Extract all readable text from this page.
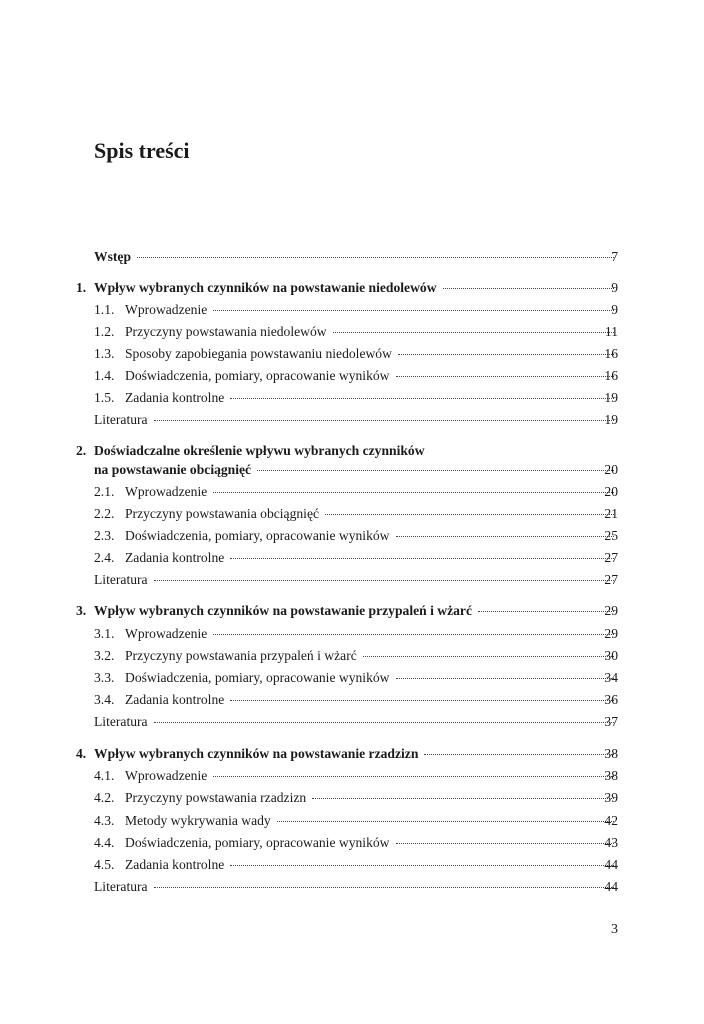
Spis treści
Wstęp	7
1. Wpływ wybranych czynników na powstawanie niedolewów	9
1.1. Wprowadzenie	9
1.2. Przyczyny powstawania niedolewów	11
1.3. Sposoby zapobiegania powstawaniu niedolewów	16
1.4. Doświadczenia, pomiary, opracowanie wyników	16
1.5. Zadania kontrolne	19
Literatura	19
2. Doświadczalne określenie wpływu wybranych czynników
na powstawanie obciągnięć	20
2.1. Wprowadzenie	20
2.2. Przyczyny powstawania obciągnięć	21
2.3. Doświadczenia, pomiary, opracowanie wyników	25
2.4. Zadania kontrolne	27
Literatura	27
3. Wpływ wybranych czynników na powstawanie przypaleń i wżarć	29
3.1. Wprowadzenie	29
3.2. Przyczyny powstawania przypaleń i wżarć	30
3.3. Doświadczenia, pomiary, opracowanie wyników	34
3.4. Zadania kontrolne	36
Literatura	37
4. Wpływ wybranych czynników na powstawanie rzadzizn	38
4.1. Wprowadzenie	38
4.2. Przyczyny powstawania rzadzizn	39
4.3. Metody wykrywania wady	42
4.4. Doświadczenia, pomiary, opracowanie wyników	43
4.5. Zadania kontrolne	44
Literatura	44
3
